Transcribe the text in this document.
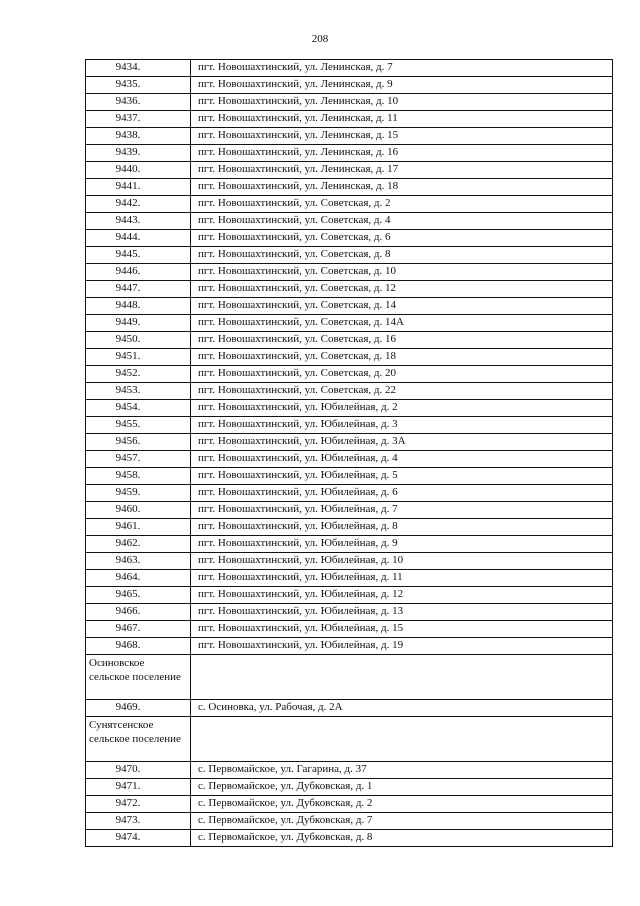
208
9434.	пгт. Новошахтинский, ул. Ленинская, д. 7
9435.	пгт. Новошахтинский, ул. Ленинская, д. 9
9436.	пгт. Новошахтинский, ул. Ленинская, д. 10
9437.	пгт. Новошахтинский, ул. Ленинская, д. 11
9438.	пгт. Новошахтинский, ул. Ленинская, д. 15
9439.	пгт. Новошахтинский, ул. Ленинская, д. 16
9440.	пгт. Новошахтинский, ул. Ленинская, д. 17
9441.	пгт. Новошахтинский, ул. Ленинская, д. 18
9442.	пгт. Новошахтинский, ул. Советская, д. 2
9443.	пгт. Новошахтинский, ул. Советская, д. 4
9444.	пгт. Новошахтинский, ул. Советская, д. 6
9445.	пгт. Новошахтинский, ул. Советская, д. 8
9446.	пгт. Новошахтинский, ул. Советская, д. 10
9447.	пгт. Новошахтинский, ул. Советская, д. 12
9448.	пгт. Новошахтинский, ул. Советская, д. 14
9449.	пгт. Новошахтинский, ул. Советская, д. 14А
9450.	пгт. Новошахтинский, ул. Советская, д. 16
9451.	пгт. Новошахтинский, ул. Советская, д. 18
9452.	пгт. Новошахтинский, ул. Советская, д. 20
9453.	пгт. Новошахтинский, ул. Советская, д. 22
9454.	пгт. Новошахтинский, ул. Юбилейная, д. 2
9455.	пгт. Новошахтинский, ул. Юбилейная, д. 3
9456.	пгт. Новошахтинский, ул. Юбилейная, д. 3А
9457.	пгт. Новошахтинский, ул. Юбилейная, д. 4
9458.	пгт. Новошахтинский, ул. Юбилейная, д. 5
9459.	пгт. Новошахтинский, ул. Юбилейная, д. 6
9460.	пгт. Новошахтинский, ул. Юбилейная, д. 7
9461.	пгт. Новошахтинский, ул. Юбилейная, д. 8
9462.	пгт. Новошахтинский, ул. Юбилейная, д. 9
9463.	пгт. Новошахтинский, ул. Юбилейная, д. 10
9464.	пгт. Новошахтинский, ул. Юбилейная, д. 11
9465.	пгт. Новошахтинский, ул. Юбилейная, д. 12
9466.	пгт. Новошахтинский, ул. Юбилейная, д. 13
9467.	пгт. Новошахтинский, ул. Юбилейная, д. 15
9468.	пгт. Новошахтинский, ул. Юбилейная, д. 19
Осиновское сельское поселение	
9469.	с. Осиновка, ул. Рабочая, д. 2А
Сунятсенское сельское поселение	
9470.	с. Первомайское, ул. Гагарина, д. 37
9471.	с. Первомайское, ул. Дубковская, д. 1
9472.	с. Первомайское, ул. Дубковская, д. 2
9473.	с. Первомайское, ул. Дубковская, д. 7
9474.	с. Первомайское, ул. Дубковская, д. 8
